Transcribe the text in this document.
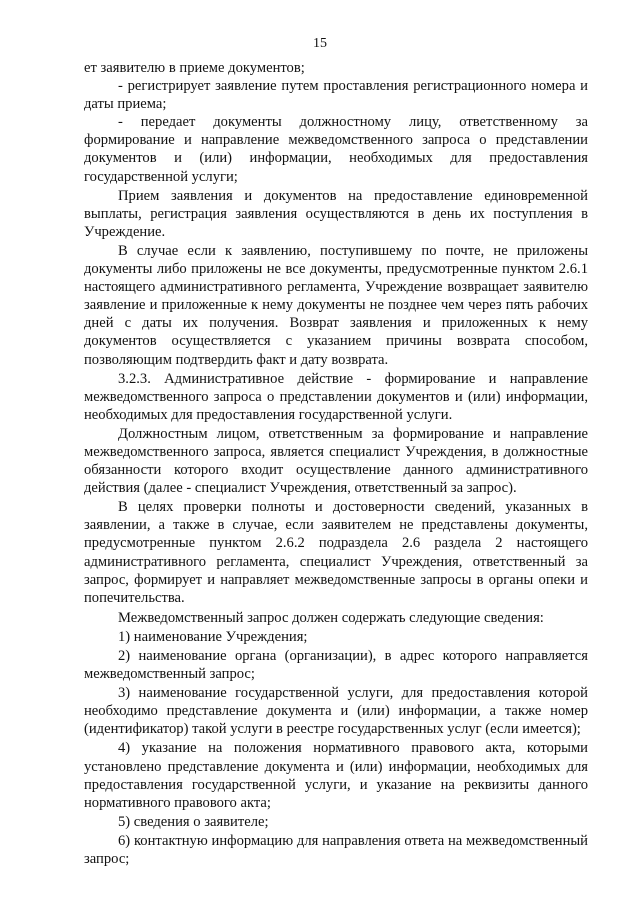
15

ет заявителю в приеме документов;

- регистрирует заявление путем проставления регистрационного номера и даты приема;

- передает документы должностному лицу, ответственному за формирование и направление межведомственного запроса о представлении документов и (или) информации, необходимых для предоставления государственной услуги;

Прием заявления и документов на предоставление единовременной выплаты, регистрация заявления осуществляются в день их поступления в Учреждение.

В случае если к заявлению, поступившему по почте, не приложены документы либо приложены не все документы, предусмотренные пунктом 2.6.1 настоящего административного регламента, Учреждение возвращает заявителю заявление и приложенные к нему документы не позднее чем через пять рабочих дней с даты их получения. Возврат заявления и приложенных к нему документов осуществляется с указанием причины возврата способом, позволяющим подтвердить факт и дату возврата.

3.2.3. Административное действие - формирование и направление межведомственного запроса о представлении документов и (или) информации, необходимых для предоставления государственной услуги.

Должностным лицом, ответственным за формирование и направление межведомственного запроса, является специалист Учреждения, в должностные обязанности которого входит осуществление данного административного действия (далее - специалист Учреждения, ответственный за запрос).

В целях проверки полноты и достоверности сведений, указанных в заявлении, а также в случае, если заявителем не представлены документы, предусмотренные пунктом 2.6.2 подраздела 2.6 раздела 2 настоящего административного регламента, специалист Учреждения, ответственный за запрос, формирует и направляет межведомственные запросы в органы опеки и попечительства.

Межведомственный запрос должен содержать следующие сведения:

1) наименование Учреждения;

2) наименование органа (организации), в адрес которого направляется межведомственный запрос;

3) наименование государственной услуги, для предоставления которой необходимо представление документа и (или) информации, а также номер (идентификатор) такой услуги в реестре государственных услуг (если имеется);

4) указание на положения нормативного правового акта, которыми установлено представление документа и (или) информации, необходимых для предоставления государственной услуги, и указание на реквизиты данного нормативного правового акта;

5) сведения о заявителе;

6) контактную информацию для направления ответа на межведомственный запрос;
